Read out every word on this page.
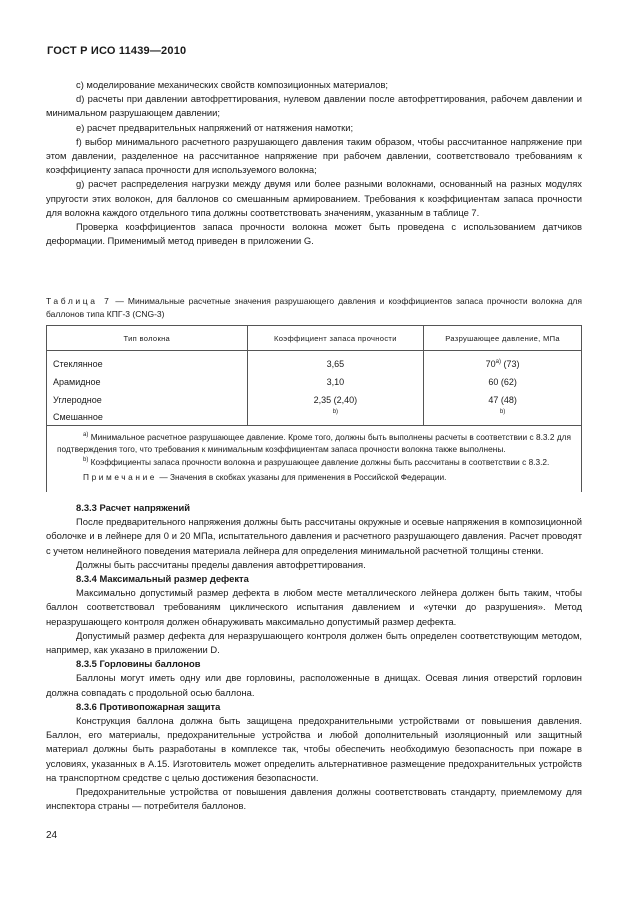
ГОСТ Р ИСО 11439—2010

c) моделирование механических свойств композиционных материалов;

d) расчеты при давлении автофреттирования, нулевом давлении после автофреттирования, рабочем давлении и минимальном разрушающем давлении;

e) расчет предварительных напряжений от натяжения намотки;

f) выбор минимального расчетного разрушающего давления таким образом, чтобы рассчитанное напряжение при этом давлении, разделенное на рассчитанное напряжение при рабочем давлении, соответствовало требованиям к коэффициенту запаса прочности для используемого волокна;

g) расчет распределения нагрузки между двумя или более разными волокнами, основанный на разных модулях упругости этих волокон, для баллонов со смешанным армированием. Требования к коэффициентам запаса прочности для волокна каждого отдельного типа должны соответствовать значениям, указанным в таблице 7.

Проверка коэффициентов запаса прочности волокна может быть проведена с использованием датчиков деформации. Применимый метод приведен в приложении G.

Таблица 7 — Минимальные расчетные значения разрушающего давления и коэффициентов запаса прочности волокна для баллонов типа КПГ-3 (CNG-3)
Тип волокна	Коэффициент запаса прочности	Разрушающее давление, МПа

Стеклянное	3,65	70$^{a)}$ (73)
Арамидное	3,10	60 (62)
Углеродное	2,35 (2,40)	47 (48)
Смешанное	$^{b)}$	$^{b)}$

$^{a)}$ Минимальное расчетное разрушающее давление. Кроме того, должны быть выполнены расчеты в соответствии с 8.3.2 для подтверждения того, что требования к минимальным коэффициентам запаса прочности волокна также выполнены.

$^{b)}$ Коэффициенты запаса прочности волокна и разрушающее давление должны быть рассчитаны в соответствии с 8.3.2.

Примечание — Значения в скобках указаны для применения в Российской Федерации.		

8.3.3 Расчет напряжений

После предварительного напряжения должны быть рассчитаны окружные и осевые напряжения в композиционной оболочке и в лейнере для 0 и 20 МПа, испытательного давления и расчетного разрушающего давления. Расчет проводят с учетом нелинейного поведения материала лейнера для определения минимальной расчетной толщины стенки.

Должны быть рассчитаны пределы давления автофреттирования.

8.3.4 Максимальный размер дефекта

Максимально допустимый размер дефекта в любом месте металлического лейнера должен быть таким, чтобы баллон соответствовал требованиям циклического испытания давлением и «утечки до разрушения». Метод неразрушающего контроля должен обнаруживать максимально допустимый размер дефекта.

Допустимый размер дефекта для неразрушающего контроля должен быть определен соответствующим методом, например, как указано в приложении D.

8.3.5 Горловины баллонов

Баллоны могут иметь одну или две горловины, расположенные в днищах. Осевая линия отверстий горловин должна совпадать с продольной осью баллона.

8.3.6 Противопожарная защита

Конструкция баллона должна быть защищена предохранительными устройствами от повышения давления. Баллон, его материалы, предохранительные устройства и любой дополнительный изоляционный или защитный материал должны быть разработаны в комплексе так, чтобы обеспечить необходимую безопасность при пожаре в условиях, указанных в А.15. Изготовитель может определить альтернативное размещение предохранительных устройств на транспортном средстве с целью достижения безопасности.

Предохранительные устройства от повышения давления должны соответствовать стандарту, приемлемому для инспектора страны — потребителя баллонов.

24
